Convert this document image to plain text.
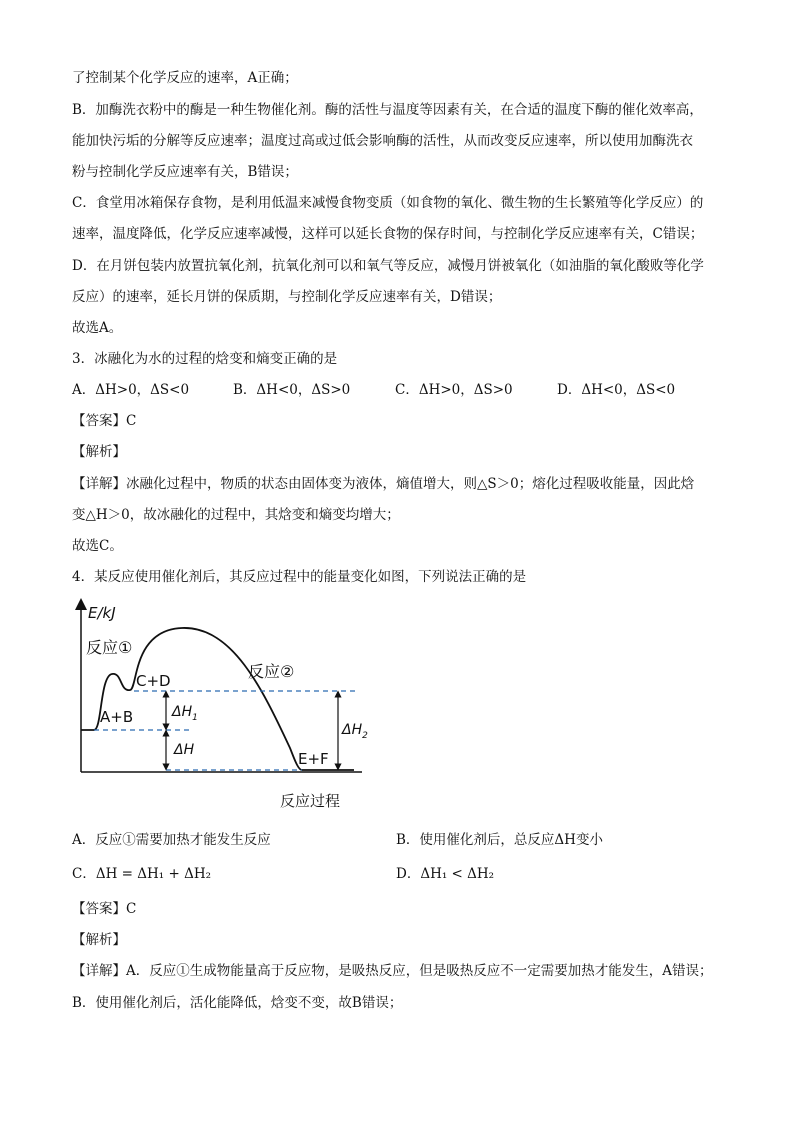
了控制某个化学反应的速率，A正确；
B．加酶洗衣粉中的酶是一种生物催化剂。酶的活性与温度等因素有关，在合适的温度下酶的催化效率高，
能加快污垢的分解等反应速率；温度过高或过低会影响酶的活性，从而改变反应速率，所以使用加酶洗衣
粉与控制化学反应速率有关，B错误；
C．食堂用冰箱保存食物，是利用低温来减慢食物变质（如食物的氧化、微生物的生长繁殖等化学反应）的
速率，温度降低，化学反应速率减慢，这样可以延长食物的保存时间，与控制化学反应速率有关，C错误；
D．在月饼包装内放置抗氧化剂，抗氧化剂可以和氧气等反应，减慢月饼被氧化（如油脂的氧化酸败等化学
反应）的速率，延长月饼的保质期，与控制化学反应速率有关，D错误；
故选A。
3．冰融化为水的过程的焓变和熵变正确的是
A．ΔH>0，ΔS<0	B．ΔH<0，ΔS>0	C．ΔH>0，ΔS>0	D．ΔH<0，ΔS<0
【答案】C
【解析】
【详解】冰融化过程中，物质的状态由固体变为液体，熵值增大，则△S＞0；熔化过程吸收能量，因此焓
变△H＞0，故冰融化的过程中，其焓变和熵变均增大；
故选C。
4．某反应使用催化剂后，其反应过程中的能量变化如图，下列说法正确的是
E/kJ
反应过程
反应①
反应②
C+D
A+B
E+F
$\Delta H_1$
ΔH
$\Delta H_2$
A．反应①需要加热才能发生反应	B．使用催化剂后，总反应ΔH变小
C．ΔH = ΔH₁ + ΔH₂	D．ΔH₁ < ΔH₂
【答案】C
【解析】
【详解】A．反应①生成物能量高于反应物，是吸热反应，但是吸热反应不一定需要加热才能发生，A错误；
B．使用催化剂后，活化能降低，焓变不变，故B错误；
